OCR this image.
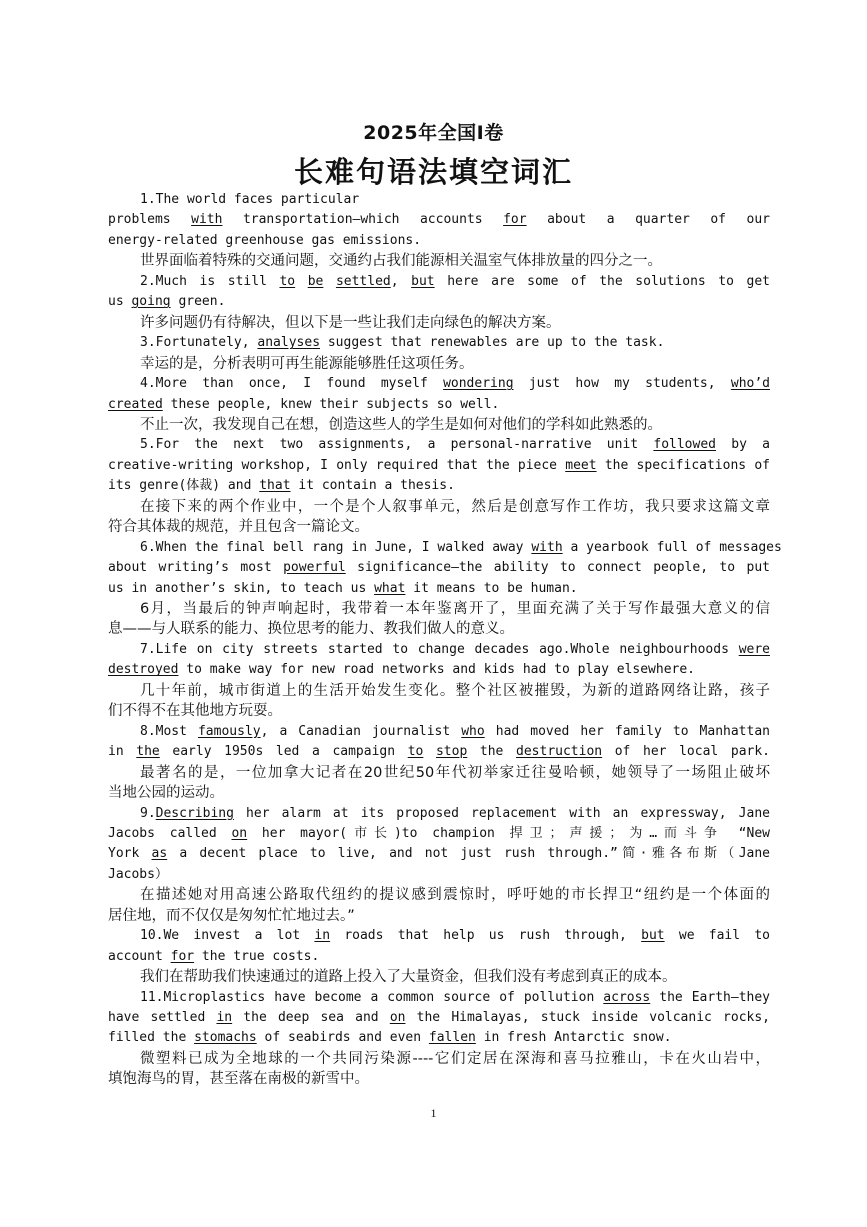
2025年全国Ⅰ卷
长难句语法填空词汇
1.The world faces particular
problems with transportation—which accounts for about a quarter of our
energy-related greenhouse gas emissions.
世界面临着特殊的交通问题，交通约占我们能源相关温室气体排放量的四分之一。
2.Much is still to be settled, but here are some of the solutions to get
us going green.
许多问题仍有待解决，但以下是一些让我们走向绿色的解决方案。
3.Fortunately, analyses suggest that renewables are up to the task.
幸运的是，分析表明可再生能源能够胜任这项任务。
4.More than once, I found myself wondering just how my students, who’d
created these people, knew their subjects so well.
不止一次，我发现自己在想，创造这些人的学生是如何对他们的学科如此熟悉的。
5.For the next two assignments, a personal-narrative unit followed by a
creative-writing workshop, I only required that the piece meet the specifications of
its genre(体裁) and that it contain a thesis.
在接下来的两个作业中，一个是个人叙事单元，然后是创意写作工作坊，我只要求这篇文章
符合其体裁的规范，并且包含一篇论文。
6.When the final bell rang in June, I walked away with a yearbook full of messages
about writing’s most powerful significance—the ability to connect people, to put
us in another’s skin, to teach us what it means to be human.
6月，当最后的钟声响起时，我带着一本年鉴离开了，里面充满了关于写作最强大意义的信
息——与人联系的能力、换位思考的能力、教我们做人的意义。
7.Life on city streets started to change decades ago.Whole neighbourhoods were
destroyed to make way for new road networks and kids had to play elsewhere.
几十年前，城市街道上的生活开始发生变化。整个社区被摧毁，为新的道路网络让路，孩子
们不得不在其他地方玩耍。
8.Most famously, a Canadian journalist who had moved her family to Manhattan
in the early 1950s led a campaign to stop the destruction of her local park.
最著名的是，一位加拿大记者在20世纪50年代初举家迁往曼哈顿，她领导了一场阻止破坏
当地公园的运动。
9.Describing her alarm at its proposed replacement with an expressway, Jane
Jacobs called on her mayor(市长)to champion 捍卫；声援；为…而斗争 “New
York as a decent place to live, and not just rush through.”简·雅各布斯（Jane
Jacobs）
在描述她对用高速公路取代纽约的提议感到震惊时，呼吁她的市长捍卫“纽约是一个体面的
居住地，而不仅仅是匆匆忙忙地过去。”
10.We invest a lot in roads that help us rush through, but we fail to
account for the true costs.
我们在帮助我们快速通过的道路上投入了大量资金，但我们没有考虑到真正的成本。
11.Microplastics have become a common source of pollution across the Earth—they
have settled in the deep sea and on the Himalayas, stuck inside volcanic rocks,
filled the stomachs of seabirds and even fallen in fresh Antarctic snow.
微塑料已成为全地球的一个共同污染源----它们定居在深海和喜马拉雅山，卡在火山岩中，
填饱海鸟的胃，甚至落在南极的新雪中。
1
